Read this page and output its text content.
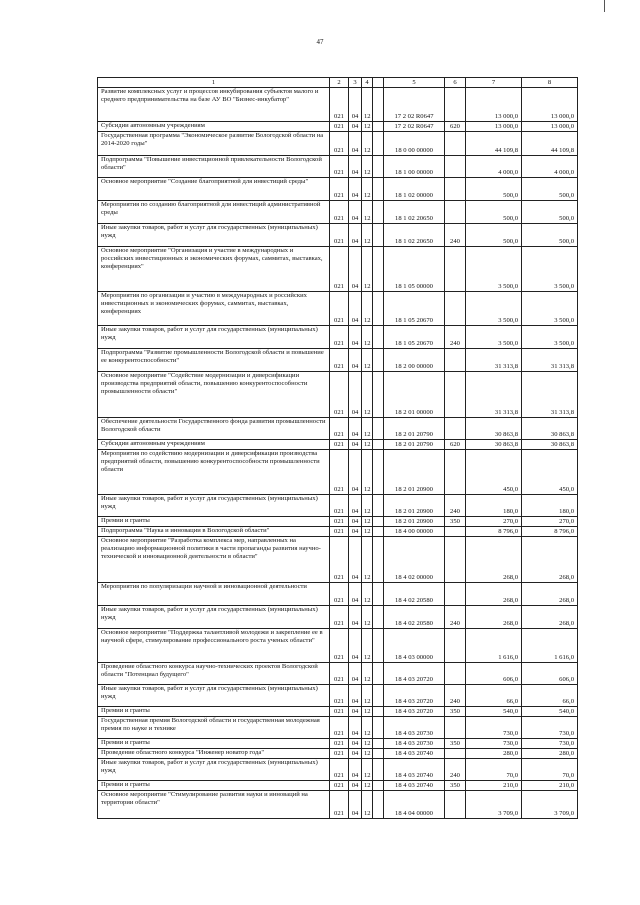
47
1	2	3	4		5	6	7	8
Развитие комплексных услуг и процессов инкубирования субъектов малого и среднего предпринимательства на базе АУ ВО "Бизнес-инкубатор"	021	04	12		17 2 02 R0647		13 000,0	13 000,0
Субсидии автономным учреждениям	021	04	12		17 2 02 R0647	620	13 000,0	13 000,0
Государственная программа "Экономическое развитие Вологодской области на 2014-2020 годы"	021	04	12		18 0 00 00000		44 109,8	44 109,8
Подпрограмма "Повышение инвестиционной привлекательности Вологодской области"	021	04	12		18 1 00 00000		4 000,0	4 000,0
Основное мероприятие "Создание благоприятной для инвестиций среды"	021	04	12		18 1 02 00000		500,0	500,0
Мероприятия по созданию благоприятной для инвестиций административной среды	021	04	12		18 1 02 20650		500,0	500,0
Иные закупки товаров, работ и услуг для государственных (муниципальных) нужд	021	04	12		18 1 02 20650	240	500,0	500,0
Основное мероприятие "Организация и участие в международных и российских инвестиционных и экономических форумах, саммитах, выставках, конференциях"	021	04	12		18 1 05 00000		3 500,0	3 500,0
Мероприятия по организации и участию в международных и российских инвестиционных и экономических форумах, саммитах, выставках, конференциях	021	04	12		18 1 05 20670		3 500,0	3 500,0
Иные закупки товаров, работ и услуг для государственных (муниципальных) нужд	021	04	12		18 1 05 20670	240	3 500,0	3 500,0
Подпрограмма "Развитие промышленности Вологодской области и повышение ее конкурентоспособности"	021	04	12		18 2 00 00000		31 313,8	31 313,8
Основное мероприятие "Содействие модернизации и диверсификации производства предприятий области, повышению конкурентоспособности промышленности области"	021	04	12		18 2 01 00000		31 313,8	31 313,8
Обеспечение деятельности Государственного фонда развития промышленности Вологодской области	021	04	12		18 2 01 20790		30 863,8	30 863,8
Субсидии автономным учреждениям	021	04	12		18 2 01 20790	620	30 863,8	30 863,8
Мероприятия по содействию модернизации и диверсификации производства предприятий области, повышению конкурентоспособности промышленности области	021	04	12		18 2 01 20900		450,0	450,0
Иные закупки товаров, работ и услуг для государственных (муниципальных) нужд	021	04	12		18 2 01 20900	240	180,0	180,0
Премии и гранты	021	04	12		18 2 01 20900	350	270,0	270,0
Подпрограмма "Наука и инновации в Вологодской области"	021	04	12		18 4 00 00000		8 796,0	8 796,0
Основное мероприятие "Разработка комплекса мер, направленных на реализацию информационной политики в части пропаганды развития научно-технической и инновационной деятельности в области"	021	04	12		18 4 02 00000		268,0	268,0
Мероприятия по популяризации научной и инновационной деятельности	021	04	12		18 4 02 20580		268,0	268,0
Иные закупки товаров, работ и услуг для государственных (муниципальных) нужд	021	04	12		18 4 02 20580	240	268,0	268,0
Основное мероприятие "Поддержка талантливой молодежи и закрепление ее в научной сфере, стимулирование профессионального роста ученых области"	021	04	12		18 4 03 00000		1 616,0	1 616,0
Проведение областного конкурса научно-технических проектов Вологодской области "Потенциал будущего"	021	04	12		18 4 03 20720		606,0	606,0
Иные закупки товаров, работ и услуг для государственных (муниципальных) нужд	021	04	12		18 4 03 20720	240	66,0	66,0
Премии и гранты	021	04	12		18 4 03 20720	350	540,0	540,0
Государственная премия Вологодской области и государственная молодежная премия по науке и технике	021	04	12		18 4 03 20730		730,0	730,0
Премии и гранты	021	04	12		18 4 03 20730	350	730,0	730,0
Проведение областного конкурса "Инженер новатор года"	021	04	12		18 4 03 20740		280,0	280,0
Иные закупки товаров, работ и услуг для государственных (муниципальных) нужд	021	04	12		18 4 03 20740	240	70,0	70,0
Премии и гранты	021	04	12		18 4 03 20740	350	210,0	210,0
Основное мероприятие "Стимулирование развития науки и инноваций на территории области"	021	04	12		18 4 04 00000		3 709,0	3 709,0
